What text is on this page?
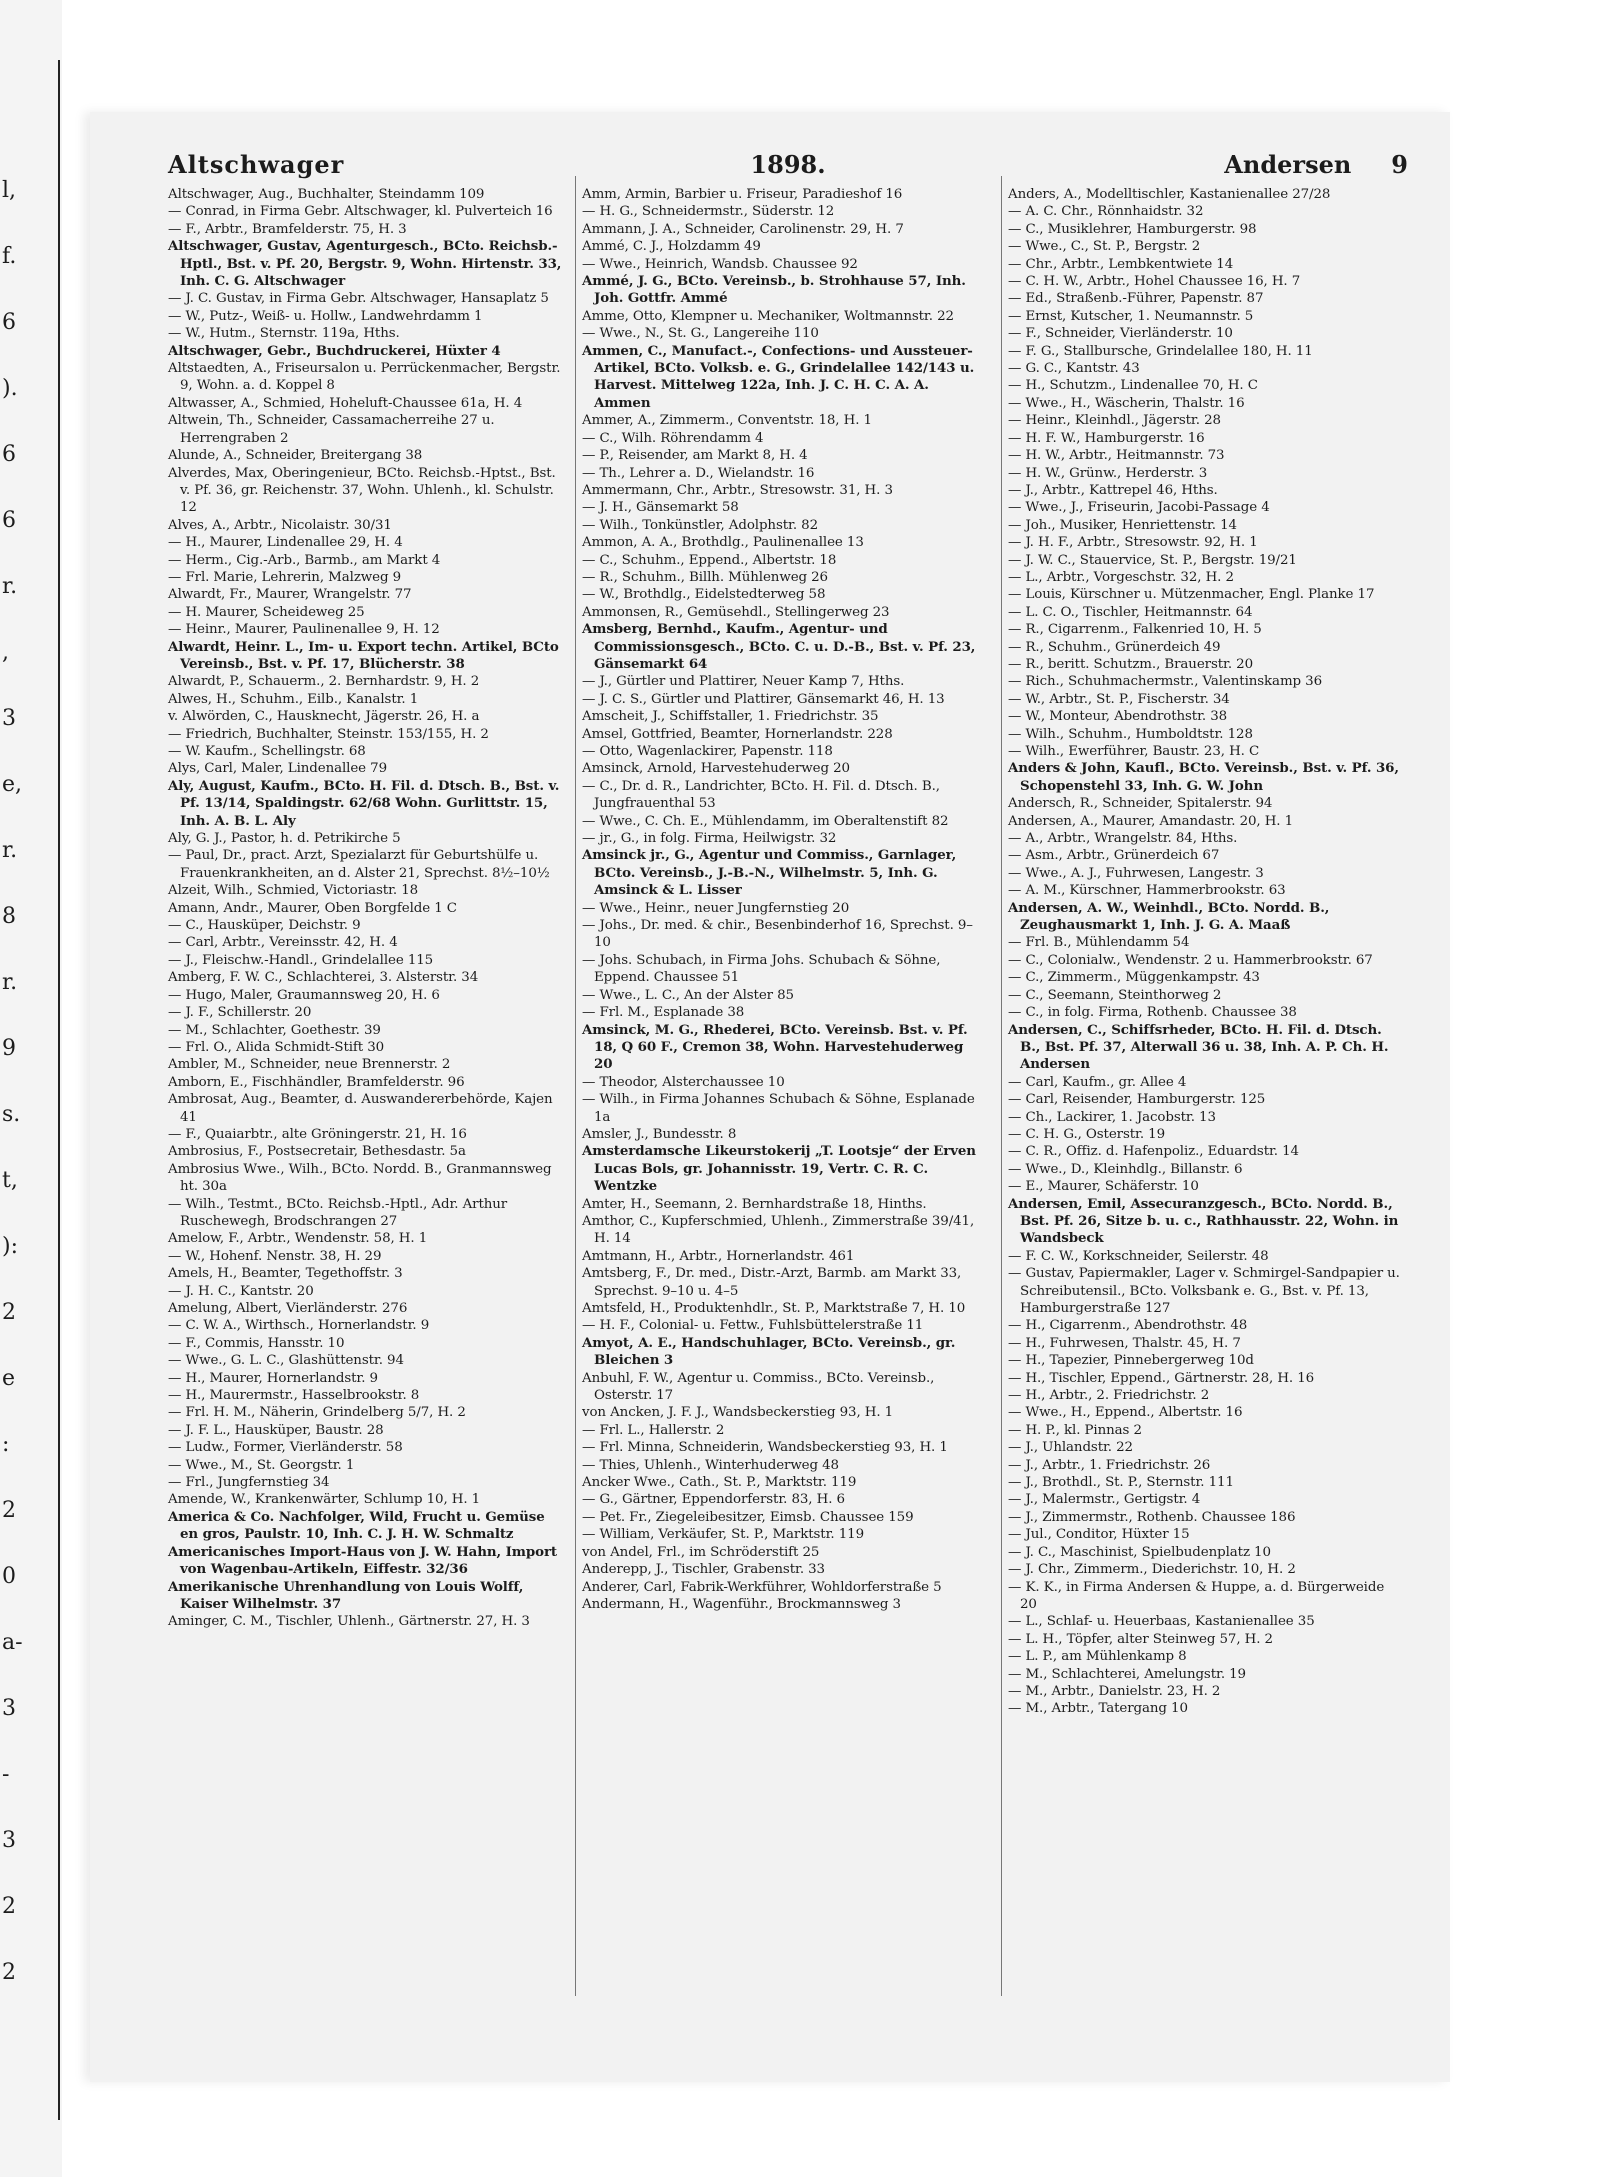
l,
f.
6
).
6
6
r.
,
3
e,
r.
8
r.
9
s.
t,
):
2
e
:
2
0
a-
3
-
3
2
2
Altschwager	1898.	Andersen 9

Altschwager, Aug., Buchhalter, Steindamm 109

— Conrad, in Firma Gebr. Altschwager, kl. Pulverteich 16

— F., Arbtr., Bramfelderstr. 75, H. 3

Altschwager, Gustav, Agenturgesch., BCto. Reichsb.-Hptl., Bst. v. Pf. 20, Bergstr. 9, Wohn. Hirtenstr. 33, Inh. C. G. Altschwager

— J. C. Gustav, in Firma Gebr. Altschwager, Hansaplatz 5

— W., Putz-, Weiß- u. Hollw., Landwehrdamm 1

— W., Hutm., Sternstr. 119a, Hths.

Altschwager, Gebr., Buchdruckerei, Hüxter 4

Altstaedten, A., Friseursalon u. Perrückenmacher, Bergstr. 9, Wohn. a. d. Koppel 8

Altwasser, A., Schmied, Hoheluft-Chaussee 61a, H. 4

Altwein, Th., Schneider, Cassamacherreihe 27 u. Herrengraben 2

Alunde, A., Schneider, Breitergang 38

Alverdes, Max, Oberingenieur, BCto. Reichsb.-Hptst., Bst. v. Pf. 36, gr. Reichenstr. 37, Wohn. Uhlenh., kl. Schulstr. 12

Alves, A., Arbtr., Nicolaistr. 30/31

— H., Maurer, Lindenallee 29, H. 4

— Herm., Cig.-Arb., Barmb., am Markt 4

— Frl. Marie, Lehrerin, Malzweg 9

Alwardt, Fr., Maurer, Wrangelstr. 77

— H. Maurer, Scheideweg 25

— Heinr., Maurer, Paulinenallee 9, H. 12

Alwardt, Heinr. L., Im- u. Export techn. Artikel, BCto Vereinsb., Bst. v. Pf. 17, Blücherstr. 38

Alwardt, P., Schauerm., 2. Bernhardstr. 9, H. 2

Alwes, H., Schuhm., Eilb., Kanalstr. 1

v. Alwörden, C., Hausknecht, Jägerstr. 26, H. a

— Friedrich, Buchhalter, Steinstr. 153/155, H. 2

— W. Kaufm., Schellingstr. 68

Alys, Carl, Maler, Lindenallee 79

Aly, August, Kaufm., BCto. H. Fil. d. Dtsch. B., Bst. v. Pf. 13/14, Spaldingstr. 62/68 Wohn. Gurlittstr. 15, Inh. A. B. L. Aly

Aly, G. J., Pastor, h. d. Petrikirche 5

— Paul, Dr., pract. Arzt, Spezialarzt für Geburtshülfe u. Frauenkrankheiten, an d. Alster 21, Sprechst. 8½–10½

Alzeit, Wilh., Schmied, Victoriastr. 18

Amann, Andr., Maurer, Oben Borgfelde 1 C

— C., Hausküper, Deichstr. 9

— Carl, Arbtr., Vereinsstr. 42, H. 4

— J., Fleischw.-Handl., Grindelallee 115

Amberg, F. W. C., Schlachterei, 3. Alsterstr. 34

— Hugo, Maler, Graumannsweg 20, H. 6

— J. F., Schillerstr. 20

— M., Schlachter, Goethestr. 39

— Frl. O., Alida Schmidt-Stift 30

Ambler, M., Schneider, neue Brennerstr. 2

Amborn, E., Fischhändler, Bramfelderstr. 96

Ambrosat, Aug., Beamter, d. Auswandererbehörde, Kajen 41

— F., Quaiarbtr., alte Gröningerstr. 21, H. 16

Ambrosius, F., Postsecretair, Bethesdastr. 5a

Ambrosius Wwe., Wilh., BCto. Nordd. B., Granmannsweg ht. 30a

— Wilh., Testmt., BCto. Reichsb.-Hptl., Adr. Arthur Ruschewegh, Brodschrangen 27

Amelow, F., Arbtr., Wendenstr. 58, H. 1

— W., Hohenf. Nenstr. 38, H. 29

Amels, H., Beamter, Tegethoffstr. 3

— J. H. C., Kantstr. 20

Amelung, Albert, Vierländerstr. 276

— C. W. A., Wirthsch., Hornerlandstr. 9

— F., Commis, Hansstr. 10

— Wwe., G. L. C., Glashüttenstr. 94

— H., Maurer, Hornerlandstr. 9

— H., Maurermstr., Hasselbrookstr. 8

— Frl. H. M., Näherin, Grindelberg 5/7, H. 2

— J. F. L., Hausküper, Baustr. 28

— Ludw., Former, Vierländerstr. 58

— Wwe., M., St. Georgstr. 1

— Frl., Jungfernstieg 34

Amende, W., Krankenwärter, Schlump 10, H. 1

America & Co. Nachfolger, Wild, Frucht u. Gemüse en gros, Paulstr. 10, Inh. C. J. H. W. Schmaltz

Americanisches Import-Haus von J. W. Hahn, Import von Wagenbau-Artikeln, Eiffestr. 32/36

Amerikanische Uhrenhandlung von Louis Wolff, Kaiser Wilhelmstr. 37

Aminger, C. M., Tischler, Uhlenh., Gärtnerstr. 27, H. 3

Amm, Armin, Barbier u. Friseur, Paradieshof 16

— H. G., Schneidermstr., Süderstr. 12

Ammann, J. A., Schneider, Carolinenstr. 29, H. 7

Ammé, C. J., Holzdamm 49

— Wwe., Heinrich, Wandsb. Chaussee 92

Ammé, J. G., BCto. Vereinsb., b. Strohhause 57, Inh. Joh. Gottfr. Ammé

Amme, Otto, Klempner u. Mechaniker, Woltmannstr. 22

— Wwe., N., St. G., Langereihe 110

Ammen, C., Manufact.-, Confections- und Aussteuer-Artikel, BCto. Volksb. e. G., Grindelallee 142/143 u. Harvest. Mittelweg 122a, Inh. J. C. H. C. A. A. Ammen

Ammer, A., Zimmerm., Conventstr. 18, H. 1

— C., Wilh. Röhrendamm 4

— P., Reisender, am Markt 8, H. 4

— Th., Lehrer a. D., Wielandstr. 16

Ammermann, Chr., Arbtr., Stresowstr. 31, H. 3

— J. H., Gänsemarkt 58

— Wilh., Tonkünstler, Adolphstr. 82

Ammon, A. A., Brothdlg., Paulinenallee 13

— C., Schuhm., Eppend., Albertstr. 18

— R., Schuhm., Billh. Mühlenweg 26

— W., Brothdlg., Eidelstedterweg 58

Ammonsen, R., Gemüsehdl., Stellingerweg 23

Amsberg, Bernhd., Kaufm., Agentur- und Commissionsgesch., BCto. C. u. D.-B., Bst. v. Pf. 23, Gänsemarkt 64

— J., Gürtler und Plattirer, Neuer Kamp 7, Hths.

— J. C. S., Gürtler und Plattirer, Gänsemarkt 46, H. 13

Amscheit, J., Schiffstaller, 1. Friedrichstr. 35

Amsel, Gottfried, Beamter, Hornerlandstr. 228

— Otto, Wagenlackirer, Papenstr. 118

Amsinck, Arnold, Harvestehuderweg 20

— C., Dr. d. R., Landrichter, BCto. H. Fil. d. Dtsch. B., Jungfrauenthal 53

— Wwe., C. Ch. E., Mühlendamm, im Oberaltenstift 82

— jr., G., in folg. Firma, Heilwigstr. 32

Amsinck jr., G., Agentur und Commiss., Garnlager, BCto. Vereinsb., J.-B.-N., Wilhelmstr. 5, Inh. G. Amsinck & L. Lisser

— Wwe., Heinr., neuer Jungfernstieg 20

— Johs., Dr. med. & chir., Besenbinderhof 16, Sprechst. 9–10

— Johs. Schubach, in Firma Johs. Schubach & Söhne, Eppend. Chaussee 51

— Wwe., L. C., An der Alster 85

— Frl. M., Esplanade 38

Amsinck, M. G., Rhederei, BCto. Vereinsb. Bst. v. Pf. 18, Q 60 F., Cremon 38, Wohn. Harvestehuderweg 20

— Theodor, Alsterchaussee 10

— Wilh., in Firma Johannes Schubach & Söhne, Esplanade 1a

Amsler, J., Bundesstr. 8

Amsterdamsche Likeurstokerij „T. Lootsje“ der Erven Lucas Bols, gr. Johannisstr. 19, Vertr. C. R. C. Wentzke

Amter, H., Seemann, 2. Bernhardstraße 18, Hinths.

Amthor, C., Kupferschmied, Uhlenh., Zimmerstraße 39/41, H. 14

Amtmann, H., Arbtr., Hornerlandstr. 461

Amtsberg, F., Dr. med., Distr.-Arzt, Barmb. am Markt 33, Sprechst. 9–10 u. 4–5

Amtsfeld, H., Produktenhdlr., St. P., Marktstraße 7, H. 10

— H. F., Colonial- u. Fettw., Fuhlsbüttelerstraße 11

Amyot, A. E., Handschuhlager, BCto. Vereinsb., gr. Bleichen 3

Anbuhl, F. W., Agentur u. Commiss., BCto. Vereinsb., Osterstr. 17

von Ancken, J. F. J., Wandsbeckerstieg 93, H. 1

— Frl. L., Hallerstr. 2

— Frl. Minna, Schneiderin, Wandsbeckerstieg 93, H. 1

— Thies, Uhlenh., Winterhuderweg 48

Ancker Wwe., Cath., St. P., Marktstr. 119

— G., Gärtner, Eppendorferstr. 83, H. 6

— Pet. Fr., Ziegeleibesitzer, Eimsb. Chaussee 159

— William, Verkäufer, St. P., Marktstr. 119

von Andel, Frl., im Schröderstift 25

Anderepp, J., Tischler, Grabenstr. 33

Anderer, Carl, Fabrik-Werkführer, Wohldorferstraße 5

Andermann, H., Wagenführ., Brockmannsweg 3

Anders, A., Modelltischler, Kastanienallee 27/28

— A. C. Chr., Rönnhaidstr. 32

— C., Musiklehrer, Hamburgerstr. 98

— Wwe., C., St. P., Bergstr. 2

— Chr., Arbtr., Lembkentwiete 14

— C. H. W., Arbtr., Hohel Chaussee 16, H. 7

— Ed., Straßenb.-Führer, Papenstr. 87

— Ernst, Kutscher, 1. Neumannstr. 5

— F., Schneider, Vierländerstr. 10

— F. G., Stallbursche, Grindelallee 180, H. 11

— G. C., Kantstr. 43

— H., Schutzm., Lindenallee 70, H. C

— Wwe., H., Wäscherin, Thalstr. 16

— Heinr., Kleinhdl., Jägerstr. 28

— H. F. W., Hamburgerstr. 16

— H. W., Arbtr., Heitmannstr. 73

— H. W., Grünw., Herderstr. 3

— J., Arbtr., Kattrepel 46, Hths.

— Wwe., J., Friseurin, Jacobi-Passage 4

— Joh., Musiker, Henriettenstr. 14

— J. H. F., Arbtr., Stresowstr. 92, H. 1

— J. W. C., Stauervice, St. P., Bergstr. 19/21

— L., Arbtr., Vorgeschstr. 32, H. 2

— Louis, Kürschner u. Mützenmacher, Engl. Planke 17

— L. C. O., Tischler, Heitmannstr. 64

— R., Cigarrenm., Falkenried 10, H. 5

— R., Schuhm., Grünerdeich 49

— R., beritt. Schutzm., Brauerstr. 20

— Rich., Schuhmachermstr., Valentinskamp 36

— W., Arbtr., St. P., Fischerstr. 34

— W., Monteur, Abendrothstr. 38

— Wilh., Schuhm., Humboldtstr. 128

— Wilh., Ewerführer, Baustr. 23, H. C

Anders & John, Kaufl., BCto. Vereinsb., Bst. v. Pf. 36, Schopenstehl 33, Inh. G. W. John

Andersch, R., Schneider, Spitalerstr. 94

Andersen, A., Maurer, Amandastr. 20, H. 1

— A., Arbtr., Wrangelstr. 84, Hths.

— Asm., Arbtr., Grünerdeich 67

— Wwe., A. J., Fuhrwesen, Langestr. 3

— A. M., Kürschner, Hammerbrookstr. 63

Andersen, A. W., Weinhdl., BCto. Nordd. B., Zeughausmarkt 1, Inh. J. G. A. Maaß

— Frl. B., Mühlendamm 54

— C., Colonialw., Wendenstr. 2 u. Hammerbrookstr. 67

— C., Zimmerm., Müggenkampstr. 43

— C., Seemann, Steinthorweg 2

— C., in folg. Firma, Rothenb. Chaussee 38

Andersen, C., Schiffsrheder, BCto. H. Fil. d. Dtsch. B., Bst. Pf. 37, Alterwall 36 u. 38, Inh. A. P. Ch. H. Andersen

— Carl, Kaufm., gr. Allee 4

— Carl, Reisender, Hamburgerstr. 125

— Ch., Lackirer, 1. Jacobstr. 13

— C. H. G., Osterstr. 19

— C. R., Offiz. d. Hafenpoliz., Eduardstr. 14

— Wwe., D., Kleinhdlg., Billanstr. 6

— E., Maurer, Schäferstr. 10

Andersen, Emil, Assecuranzgesch., BCto. Nordd. B., Bst. Pf. 26, Sitze b. u. c., Rathhausstr. 22, Wohn. in Wandsbeck

— F. C. W., Korkschneider, Seilerstr. 48

— Gustav, Papiermakler, Lager v. Schmirgel-Sandpapier u. Schreibutensil., BCto. Volksbank e. G., Bst. v. Pf. 13, Hamburgerstraße 127

— H., Cigarrenm., Abendrothstr. 48

— H., Fuhrwesen, Thalstr. 45, H. 7

— H., Tapezier, Pinnebergerweg 10d

— H., Tischler, Eppend., Gärtnerstr. 28, H. 16

— H., Arbtr., 2. Friedrichstr. 2

— Wwe., H., Eppend., Albertstr. 16

— H. P., kl. Pinnas 2

— J., Uhlandstr. 22

— J., Arbtr., 1. Friedrichstr. 26

— J., Brothdl., St. P., Sternstr. 111

— J., Malermstr., Gertigstr. 4

— J., Zimmermstr., Rothenb. Chaussee 186

— Jul., Conditor, Hüxter 15

— J. C., Maschinist, Spielbudenplatz 10

— J. Chr., Zimmerm., Diederichstr. 10, H. 2

— K. K., in Firma Andersen & Huppe, a. d. Bürgerweide 20

— L., Schlaf- u. Heuerbaas, Kastanienallee 35

— L. H., Töpfer, alter Steinweg 57, H. 2

— L. P., am Mühlenkamp 8

— M., Schlachterei, Amelungstr. 19

— M., Arbtr., Danielstr. 23, H. 2

— M., Arbtr., Tatergang 10
